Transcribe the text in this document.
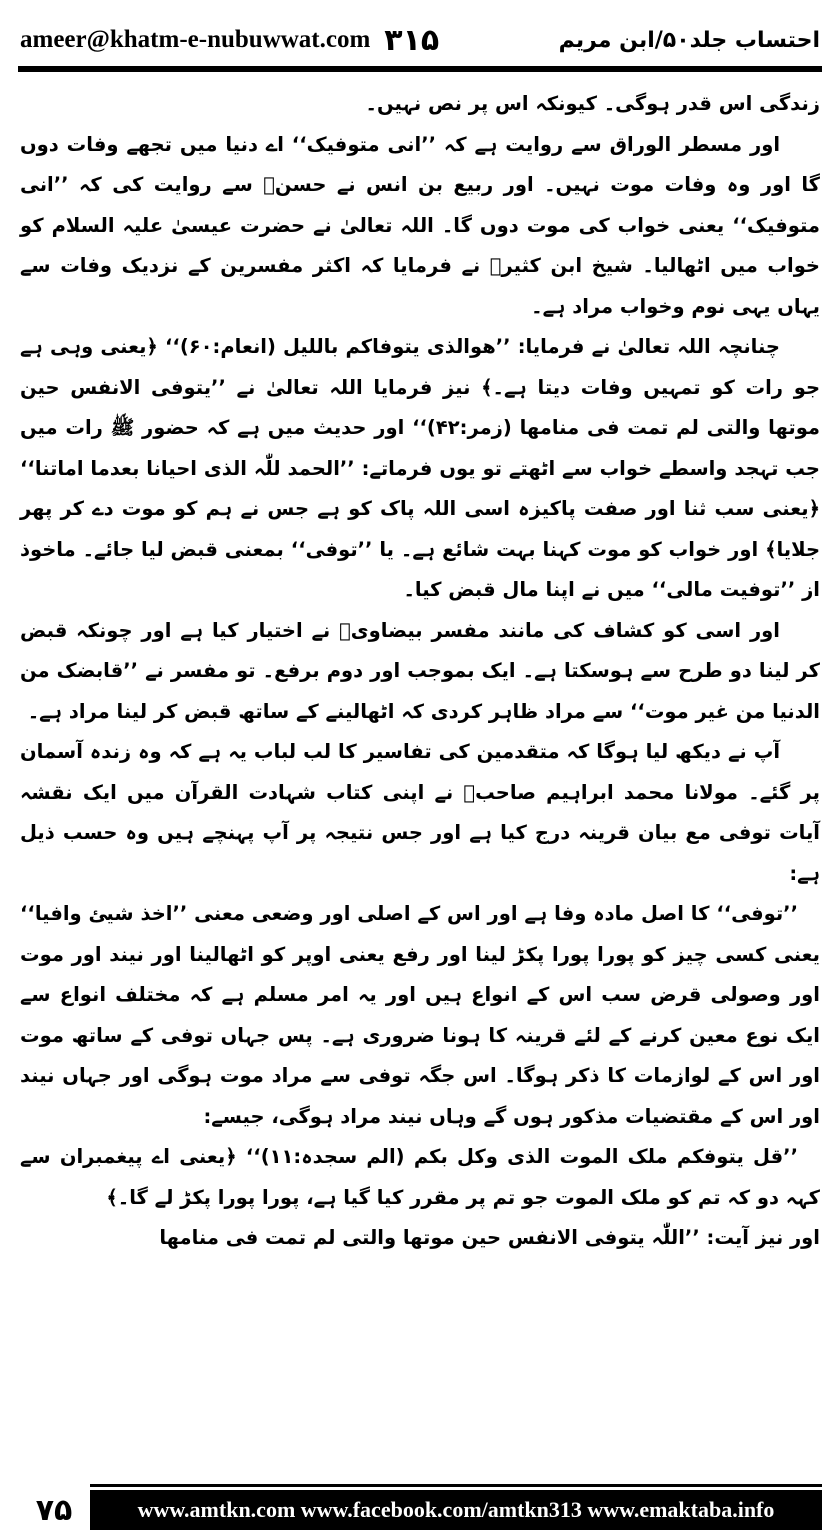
ameer@khatm-e-nubuwwat.com ۳۱۵	احتساب جلد۵۰/ابن مریم

زندگی اس قدر ہوگی۔ کیونکہ اس پر نص نہیں۔

اور مسطر الوراق سے روایت ہے کہ ’’انی متوفیک‘‘ اے دنیا میں تجھے وفات دوں گا اور وہ وفات موت نہیں۔ اور ربیع بن انس نے حسنؒ سے روایت کی کہ ’’انی متوفیک‘‘ یعنی خواب کی موت دوں گا۔ اللہ تعالیٰ نے حضرت عیسیٰ علیہ السلام کو خواب میں اٹھالیا۔ شیخ ابن کثیرؒ نے فرمایا کہ اکثر مفسرین کے نزدیک وفات سے یہاں یہی نوم وخواب مراد ہے۔

چنانچہ اللہ تعالیٰ نے فرمایا: ’’ھوالذی یتوفاکم باللیل (انعام:۶۰)‘‘ ﴿یعنی وہی ہے جو رات کو تمہیں وفات دیتا ہے۔﴾ نیز فرمایا اللہ تعالیٰ نے ’’یتوفی الانفس حین موتھا والتی لم تمت فی منامھا (زمر:۴۲)‘‘ اور حدیث میں ہے کہ حضور ﷺ رات میں جب تہجد واسطے خواب سے اٹھتے تو یوں فرماتے: ’’الحمد للّٰہ الذی احیانا بعدما اماتنا‘‘ ﴿یعنی سب ثنا اور صفت پاکیزہ اسی اللہ پاک کو ہے جس نے ہم کو موت دے کر پھر جلایا﴾ اور خواب کو موت کہنا بہت شائع ہے۔ یا ’’توفی‘‘ بمعنی قبض لیا جائے۔ ماخوذ از ’’توفیت مالی‘‘ میں نے اپنا مال قبض کیا۔

اور اسی کو کشاف کی مانند مفسر بیضاویؒ نے اختیار کیا ہے اور چونکہ قبض کر لینا دو طرح سے ہوسکتا ہے۔ ایک بموجب اور دوم برفع۔ تو مفسر نے ’’قابضک من الدنیا من غیر موت‘‘ سے مراد ظاہر کردی کہ اٹھالینے کے ساتھ قبض کر لینا مراد ہے۔

آپ نے دیکھ لیا ہوگا کہ متقدمین کی تفاسیر کا لب لباب یہ ہے کہ وہ زندہ آسمان پر گئے۔ مولانا محمد ابراہیم صاحبؒ نے اپنی کتاب شہادت القرآن میں ایک نقشہ آیات توفی مع بیان قرینہ درج کیا ہے اور جس نتیجہ پر آپ پہنچے ہیں وہ حسب ذیل ہے:

’’توفی‘‘ کا اصل مادہ وفا ہے اور اس کے اصلی اور وضعی معنی ’’اخذ شیئ وافیا‘‘ یعنی کسی چیز کو پورا پورا پکڑ لینا اور رفع یعنی اوپر کو اٹھالینا اور نیند اور موت اور وصولی قرض سب اس کے انواع ہیں اور یہ امر مسلم ہے کہ مختلف انواع سے ایک نوع معین کرنے کے لئے قرینہ کا ہونا ضروری ہے۔ پس جہاں توفی کے ساتھ موت اور اس کے لوازمات کا ذکر ہوگا۔ اس جگہ توفی سے مراد موت ہوگی اور جہاں نیند اور اس کے مقتضیات مذکور ہوں گے وہاں نیند مراد ہوگی، جیسے:

’’قل یتوفکم ملک الموت الذی وکل بکم (الم سجدہ:۱۱)‘‘ ﴿یعنی اے پیغمبران سے کہہ دو کہ تم کو ملک الموت جو تم پر مقرر کیا گیا ہے، پورا پورا پکڑ لے گا۔﴾

اور نیز آیت: ’’اللّٰہ یتوفی الانفس حین موتھا والتی لم تمت فی منامھا

۷۵	www.amtkn.com www.facebook.com/amtkn313 www.emaktaba.info
